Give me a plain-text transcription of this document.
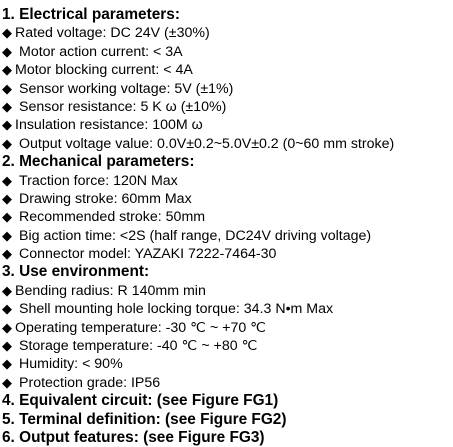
1. Electrical parameters:
◆ Rated voltage: DC 24V (±30%)
◆ Motor action current: < 3A
◆ Motor blocking current: < 4A
◆ Sensor working voltage: 5V (±1%)
◆ Sensor resistance: 5 K ω (±10%)
◆ Insulation resistance: 100M ω
◆ Output voltage value: 0.0V±0.2~5.0V±0.2 (0~60 mm stroke)
2. Mechanical parameters:
◆ Traction force: 120N Max
◆ Drawing stroke: 60mm Max
◆ Recommended stroke: 50mm
◆ Big action time: <2S (half range, DC24V driving voltage)
◆ Connector model: YAZAKI 7222-7464-30
3. Use environment:
◆ Bending radius: R 140mm min
◆ Shell mounting hole locking torque: 34.3 N•m Max
◆ Operating temperature: -30 ℃ ~ +70 ℃
◆ Storage temperature: -40 ℃ ~ +80 ℃
◆ Humidity: < 90%
◆ Protection grade: IP56
4. Equivalent circuit: (see Figure FG1)
5. Terminal definition: (see Figure FG2)
6. Output features: (see Figure FG3)
